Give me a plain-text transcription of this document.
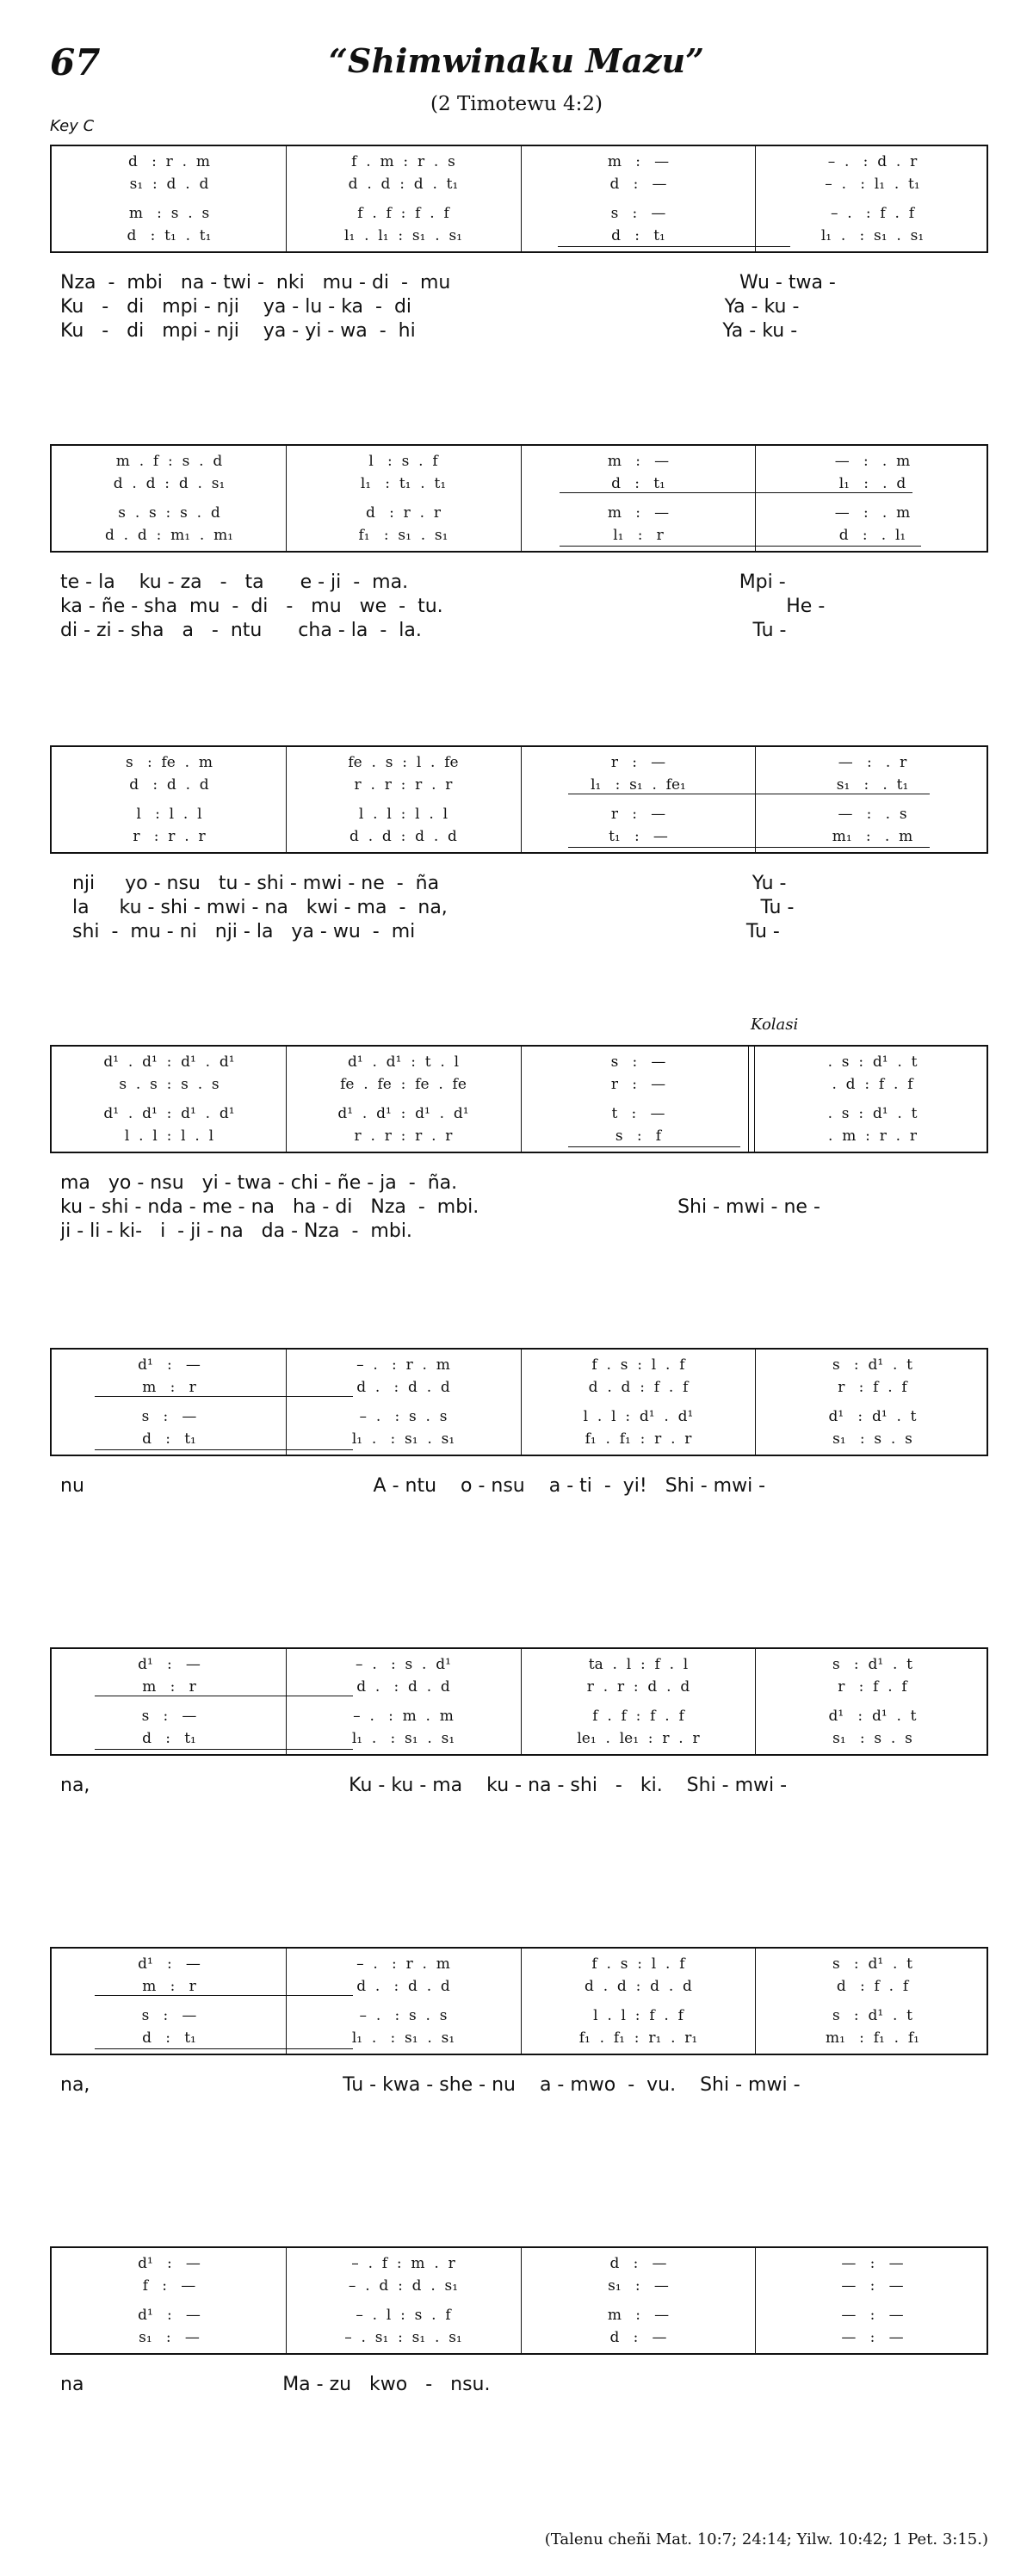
67	“Shimwinaku Mazu”
(2 Timotewu 4:2)
Key C
Kolasi
d   :  r  .  m	f  .  m  :  r  .  s	m   :   —	–  .   :  d  .  r
s₁  :  d  .  d	d  .  d  :  d  .  t₁	d   :   —	–  .   :  l₁  .  t₁
m   :  s  .  s	f  .  f  :  f  .  f	s   :   —	–  .   :  f  .  f
d   :  t₁  .  t₁	l₁  .  l₁  :  s₁  .  s₁	d   :   t₁	l₁  .   :  s₁  .  s₁

Nza  -  mbi   na - twi -  nki   mu - di  -  mu                                                Wu - twa -

Ku   -   di   mpi - nji    ya - lu - ka  -  di                                                    Ya - ku -

Ku   -   di   mpi - nji    ya - yi - wa  -  hi                                                   Ya - ku -

m  .  f  :  s  .  d	l   :  s  .  f	m   :   —	—   :   .  m
d  .  d  :  d  .  s₁	l₁   :  t₁  .  t₁	d   :   t₁	l₁   :   .  d
s  .  s  :  s  .  d	d   :  r  .  r	m   :   —	—   :   .  m
d  .  d  :  m₁  .  m₁	f₁   :  s₁  .  s₁	l₁   :   r	d   :   .  l₁

te - la    ku - za   -   ta      e - ji  -  ma.                                                       Mpi -

ka - ñe - sha  mu  -  di   -   mu   we  -  tu.                                                         He -

di - zi - sha   a   -  ntu      cha - la  -  la.                                                       Tu -

s   :  fe  .  m	fe  .  s  :  l  .  fe	r   :   —	—   :   .  r
d   :  d  .  d	r  .  r  :  r  .  r	l₁   :  s₁  .  fe₁	s₁   :   .  t₁
l   :  l  .  l	l  .  l  :  l  .  l	r   :   —	—   :   .  s
r   :  r  .  r	d  .  d  :  d  .  d	t₁   :   —	m₁   :   .  m

nji     yo - nsu   tu - shi - mwi - ne  -  ña                                                    Yu -

la     ku - shi - mwi - na   kwi - ma  -  na,                                                    Tu -

shi  -  mu - ni   nji - la   ya - wu  -  mi                                                       Tu -

d¹  .  d¹  :  d¹  .  d¹	d¹  .  d¹  :  t  .  l	s   :   —	.  s  :  d¹  .  t
s  .  s  :  s  .  s	fe  .  fe  :  fe  .  fe	r   :   —	.  d  :  f  .  f
d¹  .  d¹  :  d¹  .  d¹	d¹  .  d¹  :  d¹  .  d¹	t   :   —	.  s  :  d¹  .  t
l  .  l  :  l  .  l	r  .  r  :  r  .  r	s   :   f	.  m  :  r  .  r

ma   yo - nsu   yi - twa - chi - ñe - ja  -  ña.

ku - shi - nda - me - na   ha - di   Nza  -  mbi.                                 Shi - mwi - ne -

ji - li - ki-   i  - ji - na   da - Nza  -  mbi.

d¹   :   —	–  .   :  r  .  m	f  .  s  :  l  .  f	s   :  d¹  .  t
m   :   r	d  .   :  d  .  d	d  .  d  :  f  .  f	r   :  f  .  f
s   :   —	–  .   :  s  .  s	l  .  l  :  d¹  .  d¹	d¹   :  d¹  .  t
d   :   t₁	l₁  .   :  s₁  .  s₁	f₁  .  f₁  :  r  .  r	s₁   :  s  .  s

nu                                                A - ntu    o - nsu    a - ti  -  yi!   Shi - mwi -

d¹   :   —	–  .   :  s  .  d¹	ta  .  l  :  f  .  l	s   :  d¹  .  t
m   :   r	d  .   :  d  .  d	r  .  r  :  d  .  d	r   :  f  .  f
s   :   —	–  .   :  m  .  m	f  .  f  :  f  .  f	d¹   :  d¹  .  t
d   :   t₁	l₁  .   :  s₁  .  s₁	le₁  .  le₁  :  r  .  r	s₁   :  s  .  s

na,                                           Ku - ku - ma    ku - na - shi   -   ki.    Shi - mwi -

d¹   :   —	–  .   :  r  .  m	f  .  s  :  l  .  f	s   :  d¹  .  t
m   :   r	d  .   :  d  .  d	d  .  d  :  d  .  d	d   :  f  .  f
s   :   —	–  .   :  s  .  s	l  .  l  :  f  .  f	s   :  d¹  .  t
d   :   t₁	l₁  .   :  s₁  .  s₁	f₁  .  f₁  :  r₁  .  r₁	m₁   :  f₁  .  f₁

na,                                          Tu - kwa - she - nu    a - mwo  -  vu.    Shi - mwi -

d¹   :   —	–  .  f  :  m  .  r	d   :   —	—   :   —
f   :   —	–  .  d  :  d  .  s₁	s₁   :   —	—   :   —
d¹   :   —	–  .  l  :  s  .  f	m   :   —	—   :   —
s₁   :   —	–  .  s₁  :  s₁  .  s₁	d   :   —	—   :   —

na                                 Ma - zu   kwo   -   nsu.

(Talenu cheñi Mat. 10:7; 24:14; Yilw. 10:42; 1 Pet. 3:15.)
